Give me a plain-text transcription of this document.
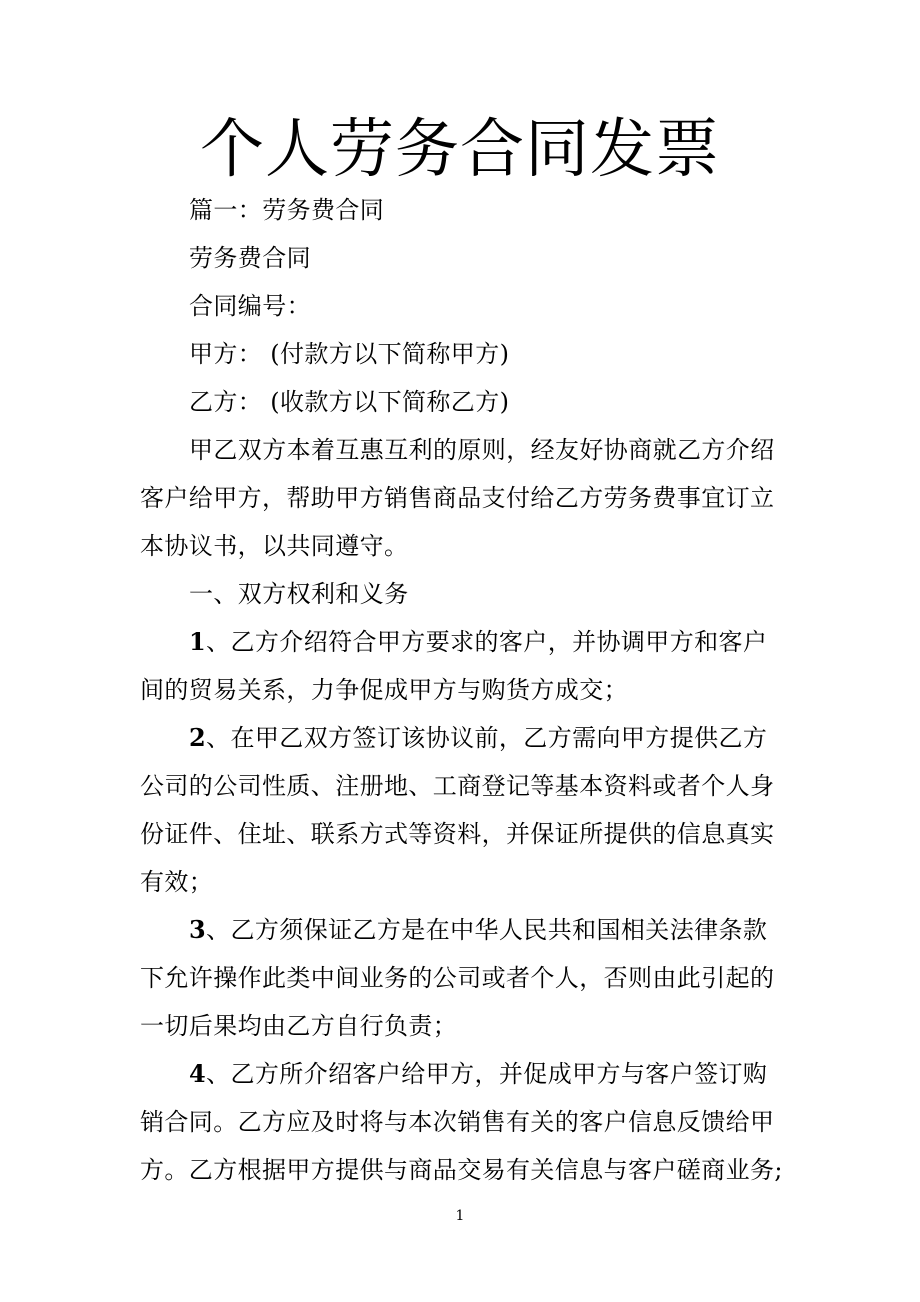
个人劳务合同发票

篇一：劳务费合同

劳务费合同

合同编号：

甲方： (付款方以下简称甲方)

乙方： (收款方以下简称乙方)

甲乙双方本着互惠互利的原则，经友好协商就乙方介绍

客户给甲方，帮助甲方销售商品支付给乙方劳务费事宜订立

本协议书，以共同遵守。

一、双方权利和义务

1、乙方介绍符合甲方要求的客户，并协调甲方和客户

间的贸易关系，力争促成甲方与购货方成交；

2、在甲乙双方签订该协议前，乙方需向甲方提供乙方

公司的公司性质、注册地、工商登记等基本资料或者个人身

份证件、住址、联系方式等资料，并保证所提供的信息真实

有效；

3、乙方须保证乙方是在中华人民共和国相关法律条款

下允许操作此类中间业务的公司或者个人，否则由此引起的

一切后果均由乙方自行负责；

4、乙方所介绍客户给甲方，并促成甲方与客户签订购

销合同。乙方应及时将与本次销售有关的客户信息反馈给甲

方。乙方根据甲方提供与商品交易有关信息与客户磋商业务;

1
